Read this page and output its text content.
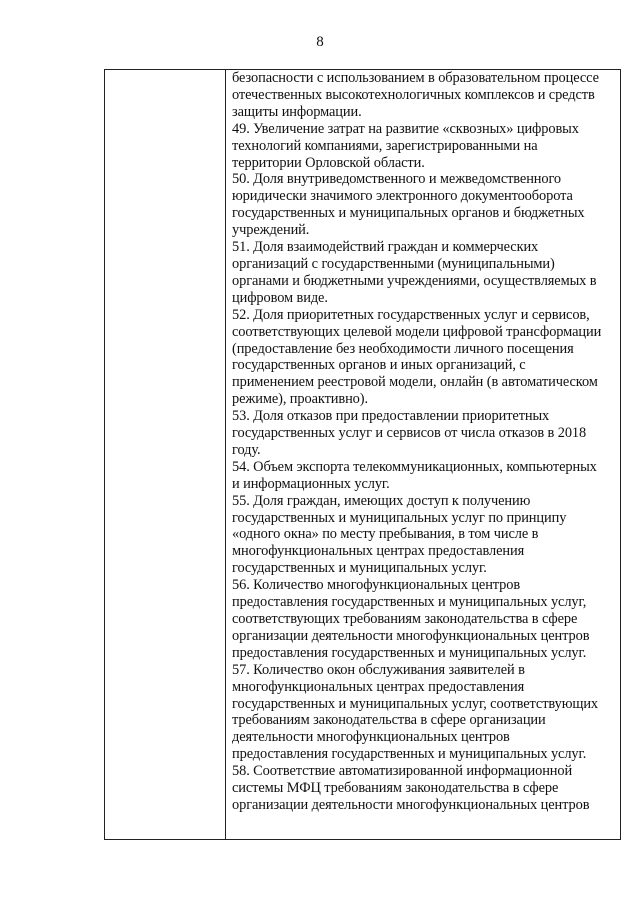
8

безопасности с использованием в образовательном процессе
отечественных высокотехнологичных комплексов и средств
защиты информации.
49. Увеличение затрат на развитие «сквозных» цифровых
технологий компаниями, зарегистрированными на
территории Орловской области.
50. Доля внутриведомственного и межведомственного
юридически значимого электронного документооборота
государственных и муниципальных органов и бюджетных
учреждений.
51. Доля взаимодействий граждан и коммерческих
организаций с государственными (муниципальными)
органами и бюджетными учреждениями, осуществляемых в
цифровом виде.
52. Доля приоритетных государственных услуг и сервисов,
соответствующих целевой модели цифровой трансформации
(предоставление без необходимости личного посещения
государственных органов и иных организаций, с
применением реестровой модели, онлайн (в автоматическом
режиме), проактивно).
53. Доля отказов при предоставлении приоритетных
государственных услуг и сервисов от числа отказов в 2018
году.
54. Объем экспорта телекоммуникационных, компьютерных
и информационных услуг.
55. Доля граждан, имеющих доступ к получению
государственных и муниципальных услуг по принципу
«одного окна» по месту пребывания, в том числе в
многофункциональных центрах предоставления
государственных и муниципальных услуг.
56. Количество многофункциональных центров
предоставления государственных и муниципальных услуг,
соответствующих требованиям законодательства в сфере
организации деятельности многофункциональных центров
предоставления государственных и муниципальных услуг.
57. Количество окон обслуживания заявителей в
многофункциональных центрах предоставления
государственных и муниципальных услуг, соответствующих
требованиям законодательства в сфере организации
деятельности многофункциональных центров
предоставления государственных и муниципальных услуг.
58. Соответствие автоматизированной информационной
системы МФЦ требованиям законодательства в сфере
организации деятельности многофункциональных центров
